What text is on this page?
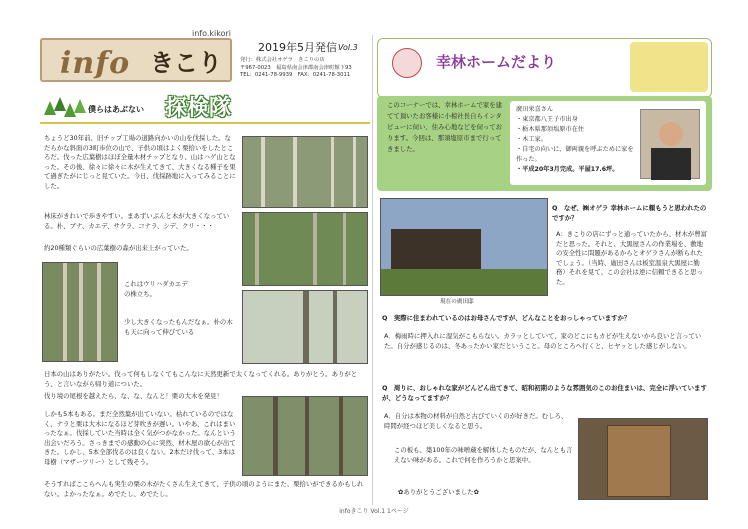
info.kikori
info きこり
2019年5月発信 Vol.3
発行：株式会社オゲラ　きこりの店
〒967-0023　福島県南会津郡南会津町館下93
TEL：0241-78-9939　FAX：0241-78-3011
僕らはあぶない 探検隊
ちょうど30年前、旧チップ工場の道路向かいの山を伐採した。なだらかな斜面の3町歩位の山で、子供の頃はよく栗拾いをしたところだ。伐った広葉樹はほぼ全量木材チップとなり、山はハゲ山となった。その後、徐々に徐々に木が生えてきて、大きくなる種子を果て過ぎたがにじっと見ていた。今日、伐採跡地に入ってみることにした。
林床がきれいで歩きやすい。まあずいぶんと木が大きくなっている。朴、ブナ、カエデ、サクラ、コナラ、シデ、クリ・・・
約20種類ぐらいの広葉樹の森が出来上がっていた。
これはウリハダカエデの株立ち。
少し大きくなったもんだなぁ。朴の木も天に向って伸びている
日本の山はありがたい。伐って何もしなくてもこんなに天然更新で太くなってくれる。ありがとう。ありがとう、と言いながら帰り道についた。
伐り境の尾根を越えたら、な、な、なんと！栗の大木を発見！
しかも5本もある。まだ全然葉が出ていない。枯れているのではなく、ナラと栗は大木になるほど芽吹きが遅い。いやあ、これはまいったなぁ。伐採していた当時は全く気がつかなかった。なんという出会いだろう。さっきまでの感動の心に突然、材木屋の欲心が出てきた。しかし、5本全部伐るのは良くない。2本だけ伐って、3本は母樹（マザーツリー）として残そう。
そうすればここらへんも実生の栗の木がたくさん生えてきて、子供の頃のようにまた、栗拾いができるかもしれない。よかったなぁ。めでたし、めでたし。
幸林ホームだより
このコーナーでは、幸林ホームで家を建てて頂いたお客様に小椋社長自らインタビューに伺い、住み心地などを伺っております。今回は、那須塩原市まで行ってきました。
廣田栄喜さん
・東京都八王子市出身
・栃木県那須塩原市在住
・木工家。
・自宅の向いに、御両親を呼ぶために家を作った。
・平成20年3月完成。平屋17.6坪。
現在の廣田邸
Q　なぜ、㈱オゲラ 幸林ホームに頼もうと思われたのですか？
A：きこりの店にずっと通っていたから、材木が豊富だと思った。それと、大黒屋さんの作業場を、敷地の安全性に問題があるからとオゲラさんが断られたでしょう。（当時、廣田さんは板室温泉大黒屋に勤務）それを見て、この会社は逆に信頼できると思った。
Q　実際に住まわれているのはお母さんですが、どんなことをおっしゃっていますか？
A．梅雨時に押入れに湿気がこもらない。カラッとしていて、家のどこにもカビが生えないから良いと言っていた。自分が感じるのは、冬あったかい家だということ。母のところへ行くと、ヒヤッとした感じがしない。
Q　周りに、おしゃれな家がどんどん出てきて、昭和初期のような雰囲気のこのお住まいは、完全に浮いていますが、どうなってますか？
A．自分は本物の材料が自然と古びていくのが好きだ。むしろ、時間が経つほど美しくなると思う。
この板も、築100年の味噌蔵を解体したものだが、なんとも言えない味がある。これで何を作ろうかと思案中。
✿ありがとうございました✿
infoきこり Vol.1 1ページ
